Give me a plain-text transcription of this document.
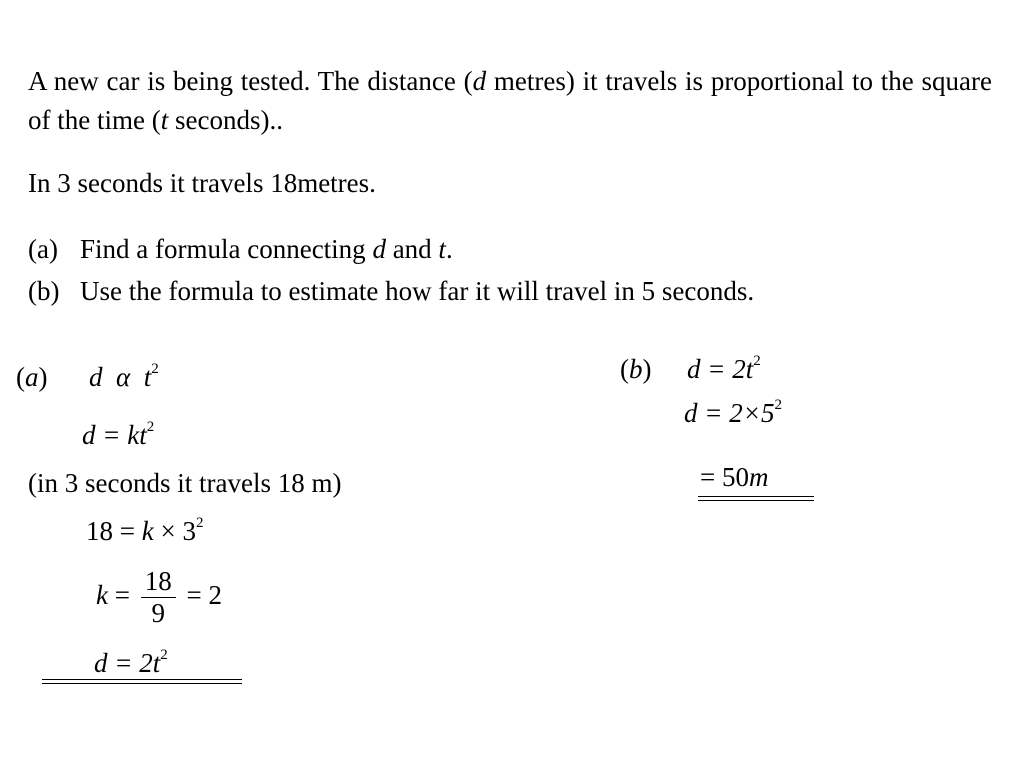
A new car is being tested. The distance (d metres) it travels is proportional to the square of the time (t seconds)..
In 3 seconds it travels 18metres.
(a) Find a formula connecting d and t.
(b) Use the formula to estimate how far it will travel in 5 seconds.
(a) d α $t^2$
$d = kt^2$
(in 3 seconds it travels 18 m)
$18 = k \times 3^2$
$k = \frac{18}{9} = 2$
$d = 2t^2$
(b) $d = 2t^2$
$d = 2\times 5^2$
= 50m
